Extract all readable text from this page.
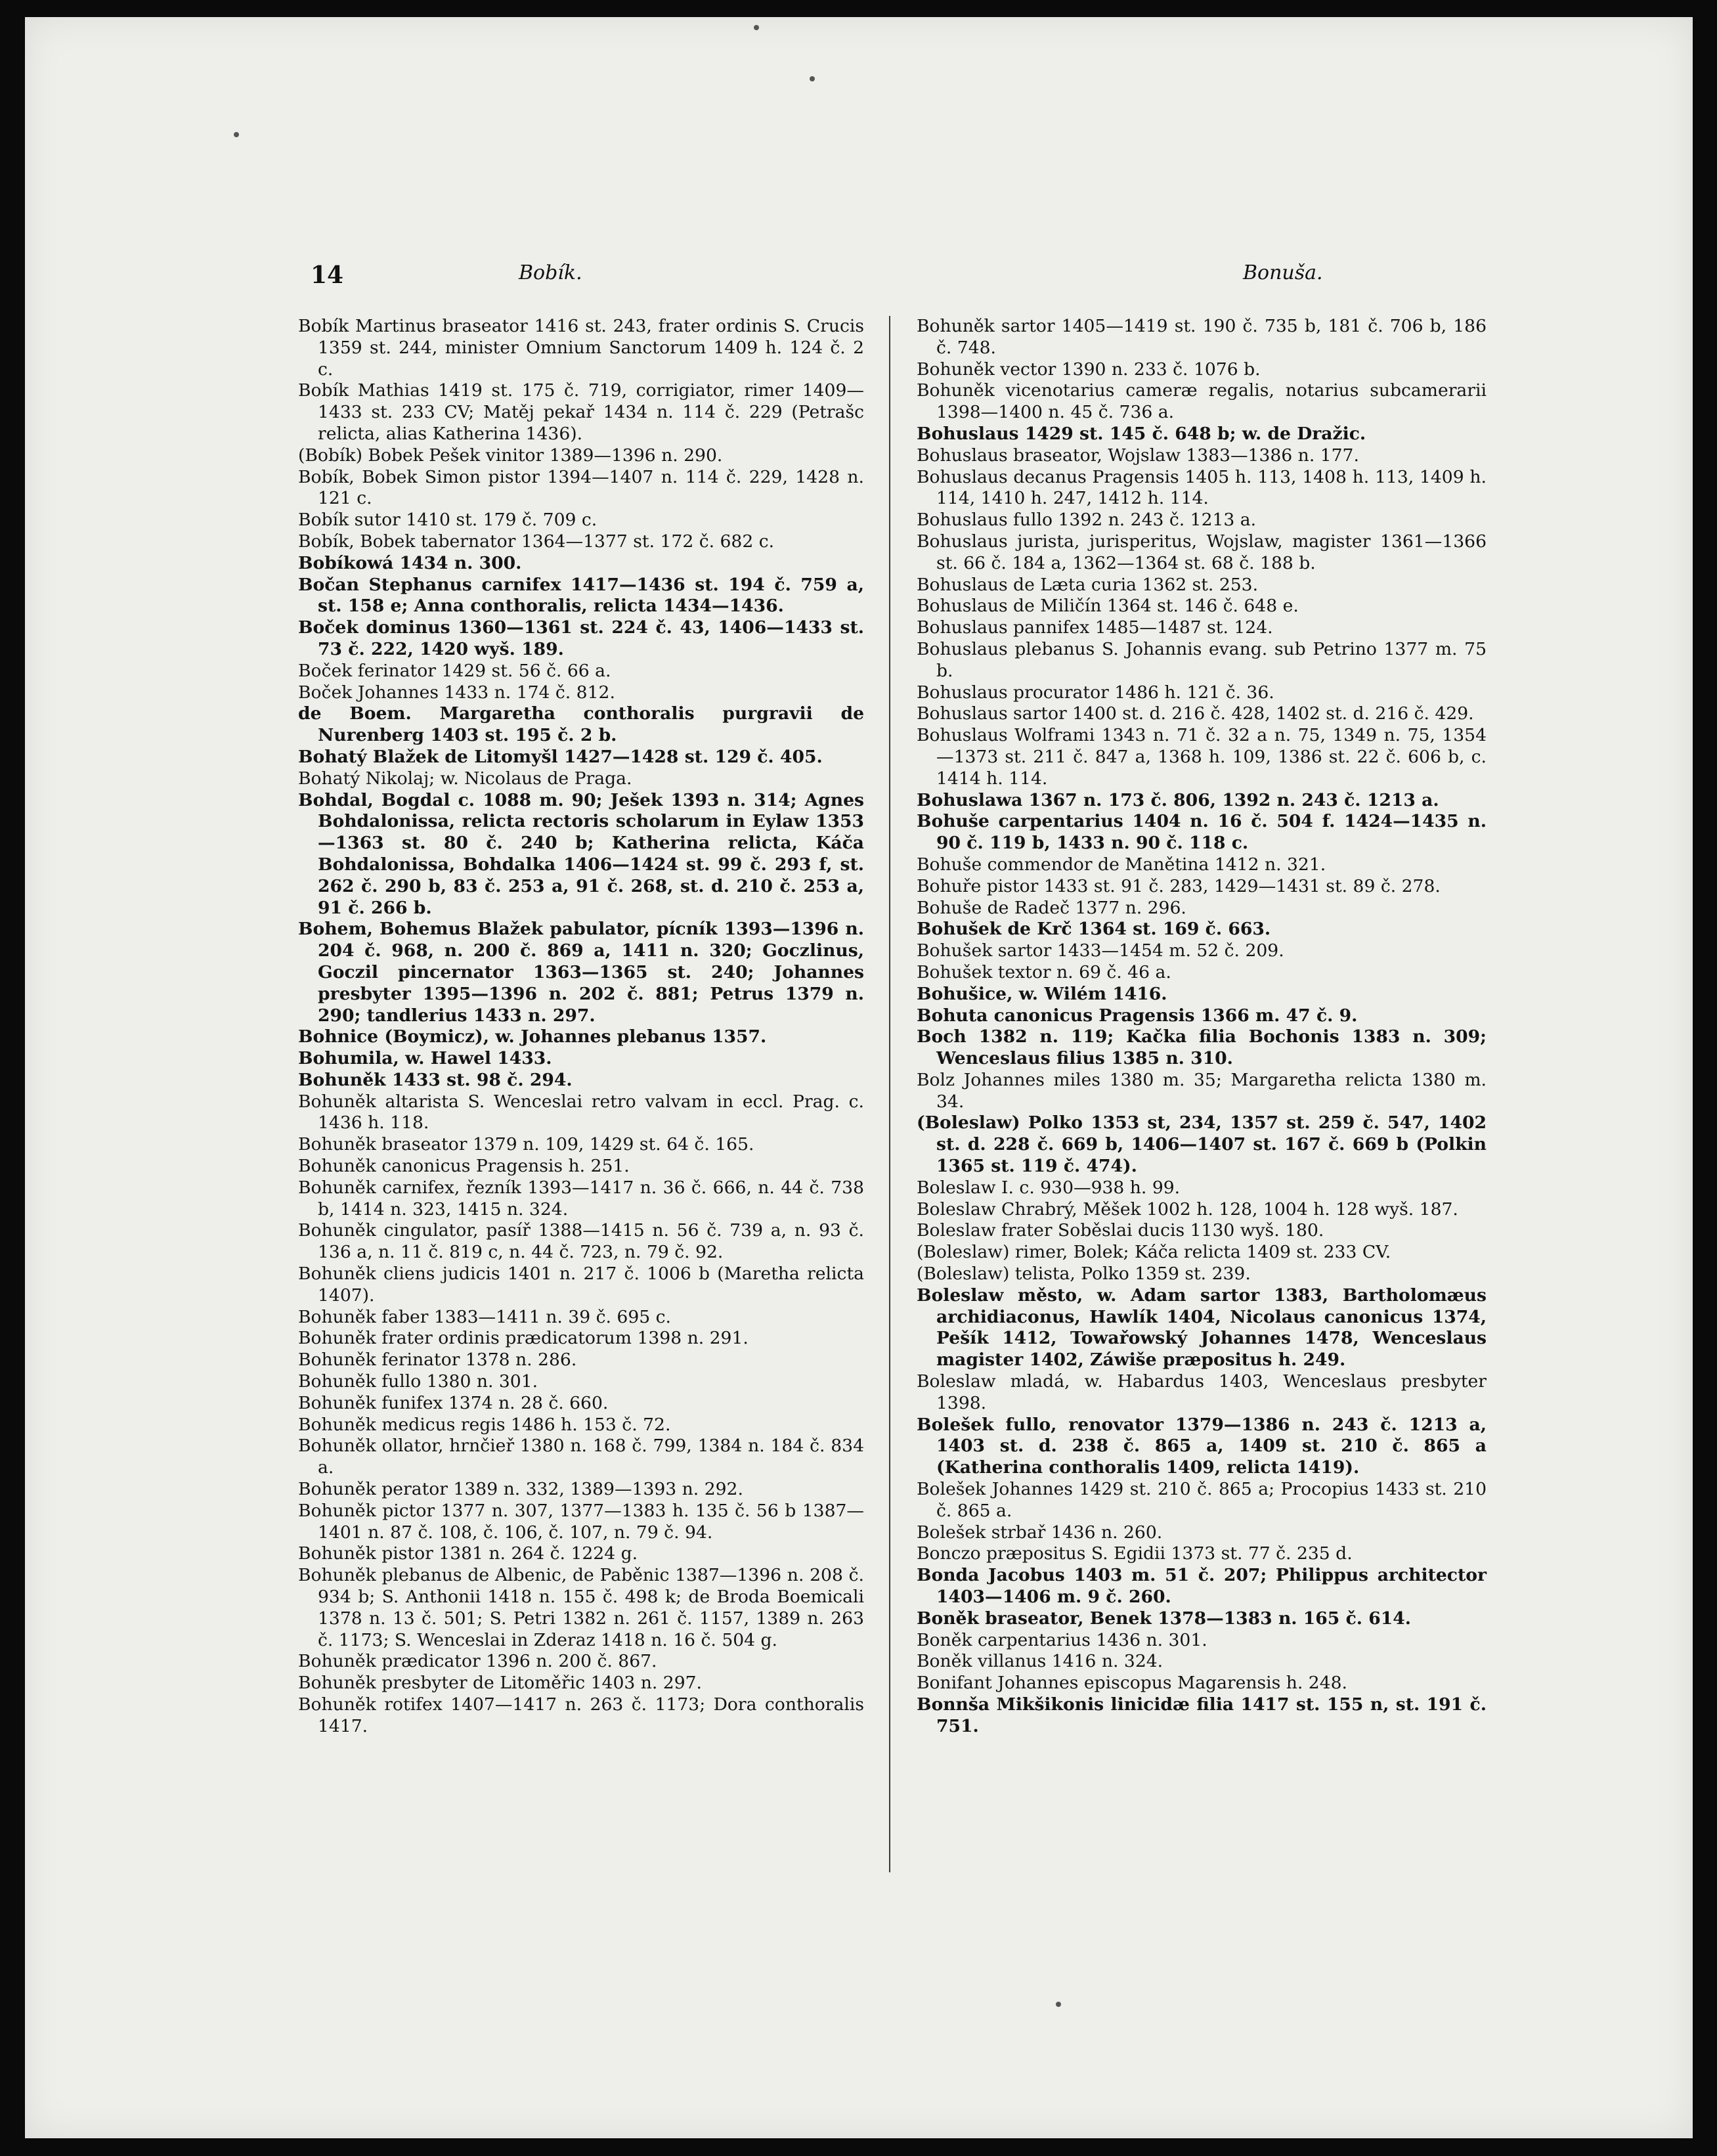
14	Bobík.	Bonuša.
Bobík Martinus braseator 1416 st. 243, frater ordinis S. Crucis 1359 st. 244, minister Omnium Sanctorum 1409 h. 124 č. 2 c.
Bobík Mathias 1419 st. 175 č. 719, corrigiator, rimer 1409—1433 st. 233 CV; Matěj pekař 1434 n. 114 č. 229 (Petrašc relicta, alias Katherina 1436).
(Bobík) Bobek Pešek vinitor 1389—1396 n. 290.
Bobík, Bobek Simon pistor 1394—1407 n. 114 č. 229, 1428 n. 121 c.
Bobík sutor 1410 st. 179 č. 709 c.
Bobík, Bobek tabernator 1364—1377 st. 172 č. 682 c.
Bobíkowá 1434 n. 300.
Bočan Stephanus carnifex 1417—1436 st. 194 č. 759 a, st. 158 e; Anna conthoralis, relicta 1434—1436.
Boček dominus 1360—1361 st. 224 č. 43, 1406—1433 st. 73 č. 222, 1420 wyš. 189.
Boček ferinator 1429 st. 56 č. 66 a.
Boček Johannes 1433 n. 174 č. 812.
de Boem. Margaretha conthoralis purgravii de Nurenberg 1403 st. 195 č. 2 b.
Bohatý Blažek de Litomyšl 1427—1428 st. 129 č. 405.
Bohatý Nikolaj; w. Nicolaus de Praga.
Bohdal, Bogdal c. 1088 m. 90; Ješek 1393 n. 314; Agnes Bohdalonissa, relicta rectoris scholarum in Eylaw 1353—1363 st. 80 č. 240 b; Katherina relicta, Káča Bohdalonissa, Bohdalka 1406—1424 st. 99 č. 293 f, st. 262 č. 290 b, 83 č. 253 a, 91 č. 268, st. d. 210 č. 253 a, 91 č. 266 b.
Bohem, Bohemus Blažek pabulator, pícník 1393—1396 n. 204 č. 968, n. 200 č. 869 a, 1411 n. 320; Goczlinus, Goczil pincernator 1363—1365 st. 240; Johannes presbyter 1395—1396 n. 202 č. 881; Petrus 1379 n. 290; tandlerius 1433 n. 297.
Bohnice (Boymicz), w. Johannes plebanus 1357.
Bohumila, w. Hawel 1433.
Bohuněk 1433 st. 98 č. 294.
Bohuněk altarista S. Wenceslai retro valvam in eccl. Prag. c. 1436 h. 118.
Bohuněk braseator 1379 n. 109, 1429 st. 64 č. 165.
Bohuněk canonicus Pragensis h. 251.
Bohuněk carnifex, řezník 1393—1417 n. 36 č. 666, n. 44 č. 738 b, 1414 n. 323, 1415 n. 324.
Bohuněk cingulator, pasíř 1388—1415 n. 56 č. 739 a, n. 93 č. 136 a, n. 11 č. 819 c, n. 44 č. 723, n. 79 č. 92.
Bohuněk cliens judicis 1401 n. 217 č. 1006 b (Maretha relicta 1407).
Bohuněk faber 1383—1411 n. 39 č. 695 c.
Bohuněk frater ordinis prædicatorum 1398 n. 291.
Bohuněk ferinator 1378 n. 286.
Bohuněk fullo 1380 n. 301.
Bohuněk funifex 1374 n. 28 č. 660.
Bohuněk medicus regis 1486 h. 153 č. 72.
Bohuněk ollator, hrnčieř 1380 n. 168 č. 799, 1384 n. 184 č. 834 a.
Bohuněk perator 1389 n. 332, 1389—1393 n. 292.
Bohuněk pictor 1377 n. 307, 1377—1383 h. 135 č. 56 b 1387—1401 n. 87 č. 108, č. 106, č. 107, n. 79 č. 94.
Bohuněk pistor 1381 n. 264 č. 1224 g.
Bohuněk plebanus de Albenic, de Paběnic 1387—1396 n. 208 č. 934 b; S. Anthonii 1418 n. 155 č. 498 k; de Broda Boemicali 1378 n. 13 č. 501; S. Petri 1382 n. 261 č. 1157, 1389 n. 263 č. 1173; S. Wenceslai in Zderaz 1418 n. 16 č. 504 g.
Bohuněk prædicator 1396 n. 200 č. 867.
Bohuněk presbyter de Litoměřic 1403 n. 297.
Bohuněk rotifex 1407—1417 n. 263 č. 1173; Dora conthoralis 1417.
Bohuněk sartor 1405—1419 st. 190 č. 735 b, 181 č. 706 b, 186 č. 748.
Bohuněk vector 1390 n. 233 č. 1076 b.
Bohuněk vicenotarius cameræ regalis, notarius subcamerarii 1398—1400 n. 45 č. 736 a.
Bohuslaus 1429 st. 145 č. 648 b; w. de Dražic.
Bohuslaus braseator, Wojslaw 1383—1386 n. 177.
Bohuslaus decanus Pragensis 1405 h. 113, 1408 h. 113, 1409 h. 114, 1410 h. 247, 1412 h. 114.
Bohuslaus fullo 1392 n. 243 č. 1213 a.
Bohuslaus jurista, jurisperitus, Wojslaw, magister 1361—1366 st. 66 č. 184 a, 1362—1364 st. 68 č. 188 b.
Bohuslaus de Læta curia 1362 st. 253.
Bohuslaus de Miličín 1364 st. 146 č. 648 e.
Bohuslaus pannifex 1485—1487 st. 124.
Bohuslaus plebanus S. Johannis evang. sub Petrino 1377 m. 75 b.
Bohuslaus procurator 1486 h. 121 č. 36.
Bohuslaus sartor 1400 st. d. 216 č. 428, 1402 st. d. 216 č. 429.
Bohuslaus Wolframi 1343 n. 71 č. 32 a n. 75, 1349 n. 75, 1354—1373 st. 211 č. 847 a, 1368 h. 109, 1386 st. 22 č. 606 b, c. 1414 h. 114.
Bohuslawa 1367 n. 173 č. 806, 1392 n. 243 č. 1213 a.
Bohuše carpentarius 1404 n. 16 č. 504 f. 1424—1435 n. 90 č. 119 b, 1433 n. 90 č. 118 c.
Bohuše commendor de Manětina 1412 n. 321.
Bohuře pistor 1433 st. 91 č. 283, 1429—1431 st. 89 č. 278.
Bohuše de Radeč 1377 n. 296.
Bohušek de Krč 1364 st. 169 č. 663.
Bohušek sartor 1433—1454 m. 52 č. 209.
Bohušek textor n. 69 č. 46 a.
Bohušice, w. Wilém 1416.
Bohuta canonicus Pragensis 1366 m. 47 č. 9.
Boch 1382 n. 119; Kačka filia Bochonis 1383 n. 309; Wenceslaus filius 1385 n. 310.
Bolz Johannes miles 1380 m. 35; Margaretha relicta 1380 m. 34.
(Boleslaw) Polko 1353 st, 234, 1357 st. 259 č. 547, 1402 st. d. 228 č. 669 b, 1406—1407 st. 167 č. 669 b (Polkin 1365 st. 119 č. 474).
Boleslaw I. c. 930—938 h. 99.
Boleslaw Chrabrý, Měšek 1002 h. 128, 1004 h. 128 wyš. 187.
Boleslaw frater Soběslai ducis 1130 wyš. 180.
(Boleslaw) rimer, Bolek; Káča relicta 1409 st. 233 CV.
(Boleslaw) telista, Polko 1359 st. 239.
Boleslaw město, w. Adam sartor 1383, Bartholomæus archidiaconus, Hawlík 1404, Nicolaus canonicus 1374, Pešík 1412, Towařowský Johannes 1478, Wenceslaus magister 1402, Záwiše præpositus h. 249.
Boleslaw mladá, w. Habardus 1403, Wenceslaus presbyter 1398.
Bolešek fullo, renovator 1379—1386 n. 243 č. 1213 a, 1403 st. d. 238 č. 865 a, 1409 st. 210 č. 865 a (Katherina conthoralis 1409, relicta 1419).
Bolešek Johannes 1429 st. 210 č. 865 a; Procopius 1433 st. 210 č. 865 a.
Bolešek strbař 1436 n. 260.
Bonczo præpositus S. Egidii 1373 st. 77 č. 235 d.
Bonda Jacobus 1403 m. 51 č. 207; Philippus architector 1403—1406 m. 9 č. 260.
Boněk braseator, Benek 1378—1383 n. 165 č. 614.
Boněk carpentarius 1436 n. 301.
Boněk villanus 1416 n. 324.
Bonifant Johannes episcopus Magarensis h. 248.
Bonnša Mikšikonis linicidæ filia 1417 st. 155 n, st. 191 č. 751.
